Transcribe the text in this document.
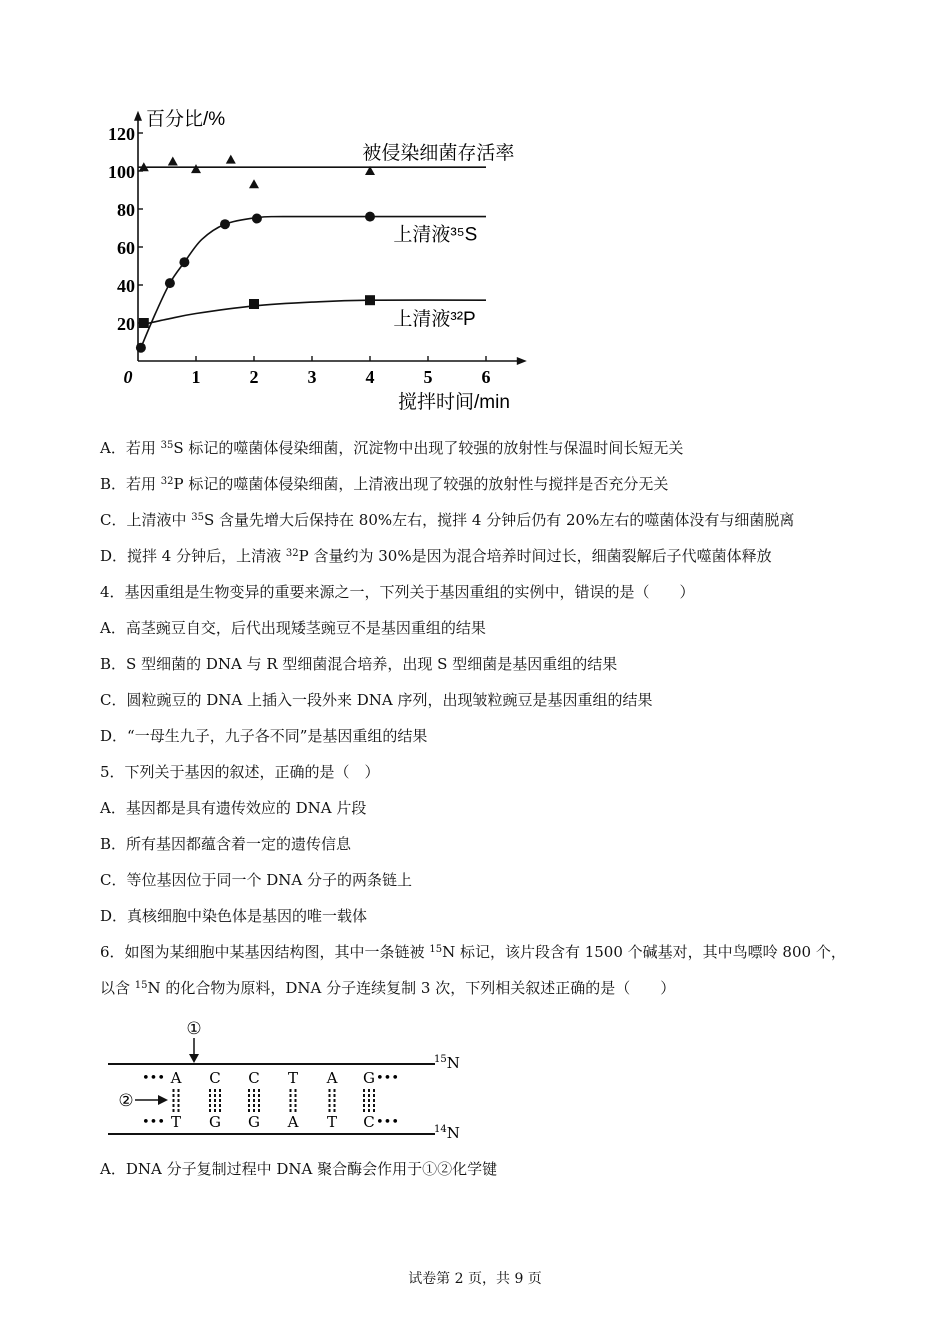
0	1	2	3	4	5	6
20
40
60
80
100
120
被侵染细菌存活率
上清液³⁵S
上清液³²P
百分比/%
搅拌时间/min
A．若用 $^{35}$S 标记的噬菌体侵染细菌，沉淀物中出现了较强的放射性与保温时间长短无关
B．若用 $^{32}$P 标记的噬菌体侵染细菌，上清液出现了较强的放射性与搅拌是否充分无关
C．上清液中 $^{35}$S 含量先增大后保持在 80%左右，搅拌 4 分钟后仍有 20%左右的噬菌体没有与细菌脱离
D．搅拌 4 分钟后，上清液 $^{32}$P 含量约为 30%是因为混合培养时间过长，细菌裂解后子代噬菌体释放
4．基因重组是生物变异的重要来源之一，下列关于基因重组的实例中，错误的是（　　）
A．高茎豌豆自交，后代出现矮茎豌豆不是基因重组的结果
B．S 型细菌的 DNA 与 R 型细菌混合培养，出现 S 型细菌是基因重组的结果
C．圆粒豌豆的 DNA 上插入一段外来 DNA 序列，出现皱粒豌豆是基因重组的结果
D．“一母生九子，九子各不同”是基因重组的结果
5．下列关于基因的叙述，正确的是（　）
A．基因都是具有遗传效应的 DNA 片段
B．所有基因都蕴含着一定的遗传信息
C．等位基因位于同一个 DNA 分子的两条链上
D．真核细胞中染色体是基因的唯一载体
6．如图为某细胞中某基因结构图，其中一条链被 $^{15}$N 标记，该片段含有 1500 个碱基对，其中鸟嘌呤 800 个，
以含 $^{15}$N 的化合物为原料，DNA 分子连续复制 3 次，下列相关叙述正确的是（　　）
A．DNA 分子复制过程中 DNA 聚合酶会作用于①②化学键
①
②
$^{15}$N
$^{14}$N
A
T
C
G
C
G
T
A
A
T
G
C
•••	•••
•••	•••
试卷第 2 页，共 9 页
